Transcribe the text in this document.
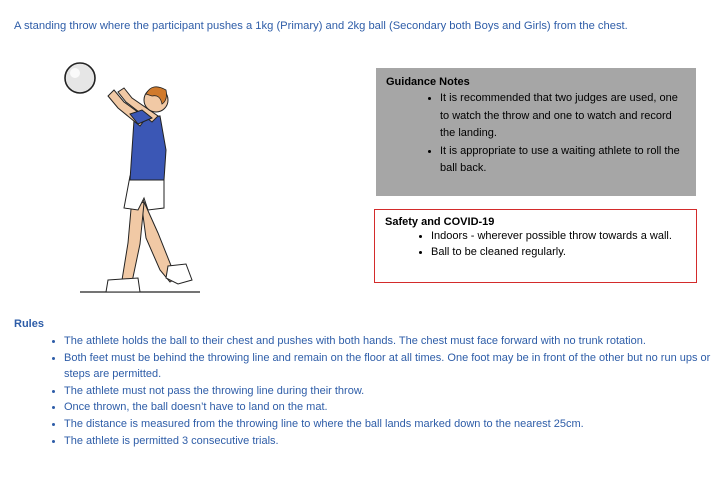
A standing throw where the participant pushes a 1kg (Primary) and 2kg ball (Secondary both Boys and Girls) from the chest.

Guidance Notes
• It is recommended that two judges are used, one to watch the throw and one to watch and record the landing.
• It is appropriate to use a waiting athlete to roll the ball back.
Safety and COVID-19
• Indoors - wherever possible throw towards a wall.
• Ball to be cleaned regularly.
Rules
• The athlete holds the ball to their chest and pushes with both hands. The chest must face forward with no trunk rotation.
• Both feet must be behind the throwing line and remain on the floor at all times. One foot may be in front of the other but no run ups or steps are permitted.
• The athlete must not pass the throwing line during their throw.
• Once thrown, the ball doesn’t have to land on the mat.
• The distance is measured from the throwing line to where the ball lands marked down to the nearest 25cm.
• The athlete is permitted 3 consecutive trials.
